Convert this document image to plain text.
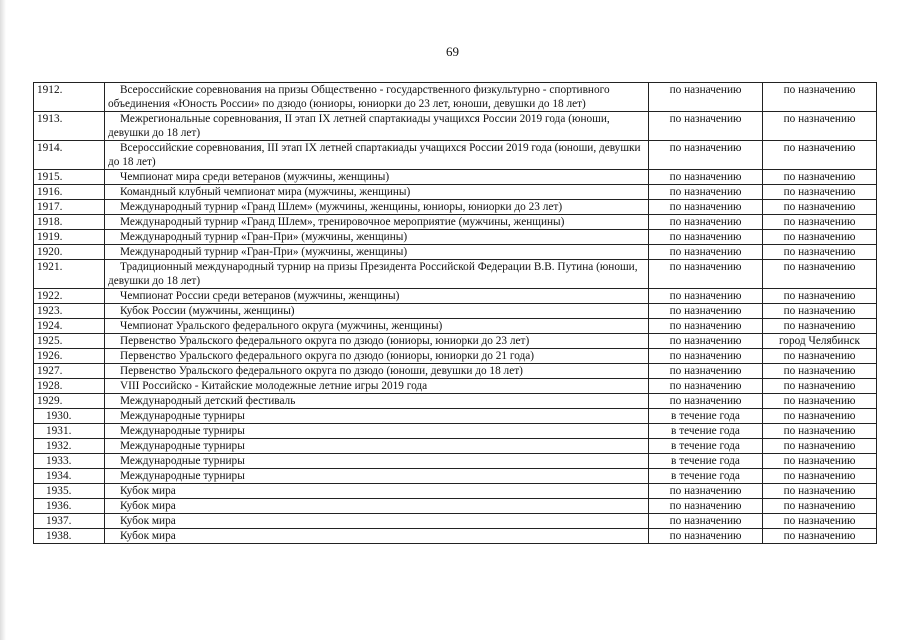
69
1912.	Всероссийские соревнования на призы Общественно - государственного физкультурно - спортивного объединения «Юность России» по дзюдо (юниоры, юниорки до 23 лет, юноши, девушки до 18 лет)	по назначению	по назначению
1913.	Межрегиональные соревнования, II этап IX летней спартакиады учащихся России 2019 года (юноши, девушки до 18 лет)	по назначению	по назначению
1914.	Всероссийские соревнования, III этап IX летней спартакиады учащихся России 2019 года (юноши, девушки до 18 лет)	по назначению	по назначению
1915.	Чемпионат мира среди ветеранов (мужчины, женщины)	по назначению	по назначению
1916.	Командный клубный чемпионат мира (мужчины, женщины)	по назначению	по назначению
1917.	Международный турнир «Гранд Шлем» (мужчины, женщины, юниоры, юниорки до 23 лет)	по назначению	по назначению
1918.	Международный турнир «Гранд Шлем», тренировочное мероприятие (мужчины, женщины)	по назначению	по назначению
1919.	Международный турнир «Гран-При» (мужчины, женщины)	по назначению	по назначению
1920.	Международный турнир «Гран-При» (мужчины, женщины)	по назначению	по назначению
1921.	Традиционный международный турнир на призы Президента Российской Федерации В.В. Путина (юноши, девушки до 18 лет)	по назначению	по назначению
1922.	Чемпионат России среди ветеранов (мужчины, женщины)	по назначению	по назначению
1923.	Кубок России (мужчины, женщины)	по назначению	по назначению
1924.	Чемпионат Уральского федерального округа (мужчины, женщины)	по назначению	по назначению
1925.	Первенство Уральского федерального округа по дзюдо (юниоры, юниорки до 23 лет)	по назначению	город Челябинск
1926.	Первенство Уральского федерального округа по дзюдо (юниоры, юниорки до 21 года)	по назначению	по назначению
1927.	Первенство Уральского федерального округа по дзюдо (юноши, девушки до 18 лет)	по назначению	по назначению
1928.	VIII Российско - Китайские молодежные летние игры 2019 года	по назначению	по назначению
1929.	Международный детский фестиваль	по назначению	по назначению
1930.	Международные турниры	в течение года	по назначению
1931.	Международные турниры	в течение года	по назначению
1932.	Международные турниры	в течение года	по назначению
1933.	Международные турниры	в течение года	по назначению
1934.	Международные турниры	в течение года	по назначению
1935.	Кубок мира	по назначению	по назначению
1936.	Кубок мира	по назначению	по назначению
1937.	Кубок мира	по назначению	по назначению
1938.	Кубок мира	по назначению	по назначению
